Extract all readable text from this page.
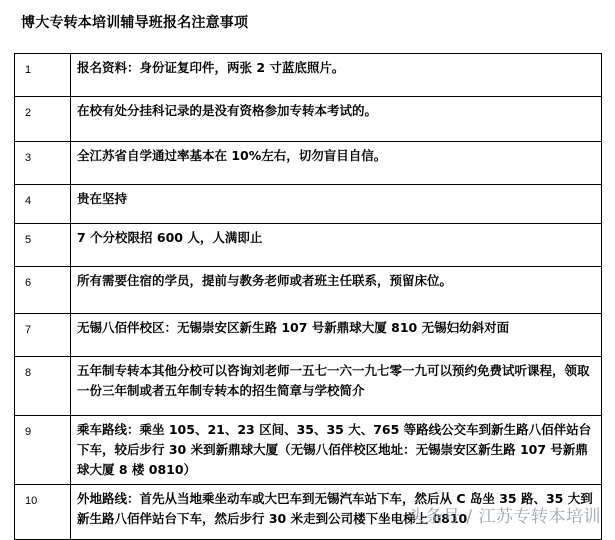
博大专转本培训辅导班报名注意事项
1	报名资料：身份证复印件，两张 2 寸蓝底照片。
2	在校有处分挂科记录的是没有资格参加专转本考试的。
3	全江苏省自学通过率基本在 10%左右，切勿盲目自信。
4	贵在坚持
5	7 个分校限招 600 人，人满即止
6	所有需要住宿的学员，提前与教务老师或者班主任联系，预留床位。
7	无锡八佰伴校区：无锡崇安区新生路 107 号新鼎球大厦 810 无锡妇幼斜对面
8	五年制专转本其他分校可以咨询刘老师一五七一六一九七零一九可以预约免费试听课程，领取一份三年制或者五年制专转本的招生简章与学校简介
9	乘车路线：乘坐 105、21、23 区间、35、35 大、765 等路线公交车到新生路八佰伴站台下车，较后步行 30 米到新鼎球大厦（无锡八佰伴校区地址：无锡崇安区新生路 107 号新鼎球大厦 8 楼 0810）
10	外地路线：首先从当地乘坐动车或大巴车到无锡汽车站下车，然后从 C 岛坐 35 路、35 大到新生路八佰伴站台下车，然后步行 30 米走到公司楼下坐电梯上 0810
头条号 / 江苏专转本培训
